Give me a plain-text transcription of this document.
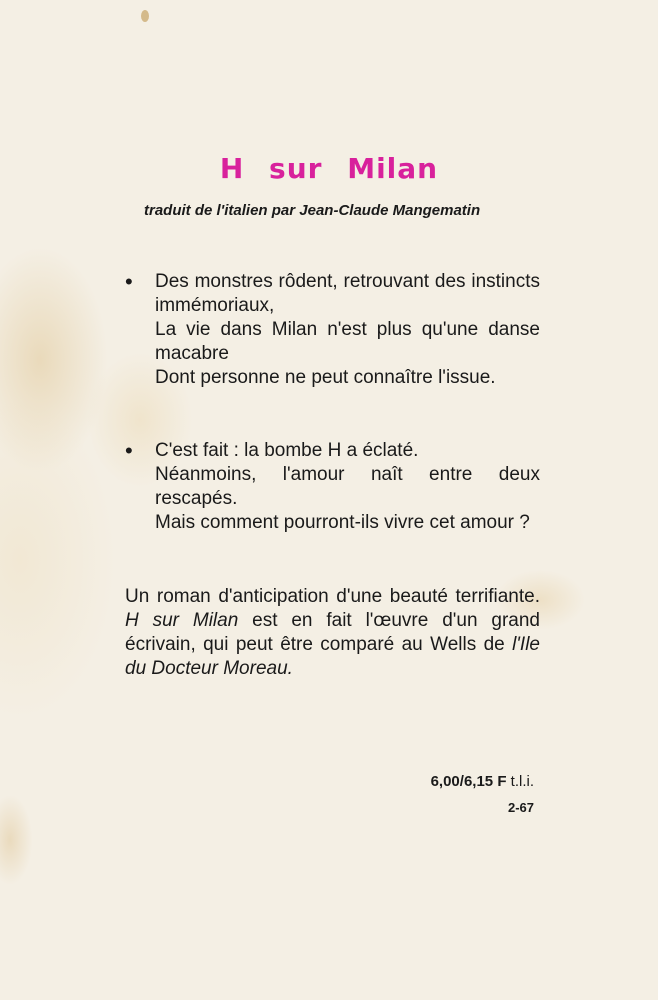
H sur Milan
traduit de l'italien par Jean-Claude Mangematin
• Des monstres rôdent, retrouvant des instincts immémoriaux,

La vie dans Milan n'est plus qu'une danse macabre

Dont personne ne peut connaître l'issue.

• C'est fait : la bombe H a éclaté.

Néanmoins, l'amour naît entre deux rescapés.

Mais comment pourront-ils vivre cet amour ?

Un roman d'anticipation d'une beauté terrifiante. H sur Milan est en fait l'œuvre d'un grand écrivain, qui peut être comparé au Wells de l'Ile du Docteur Moreau.

6,00/6,15 F t.l.i.
2-67
